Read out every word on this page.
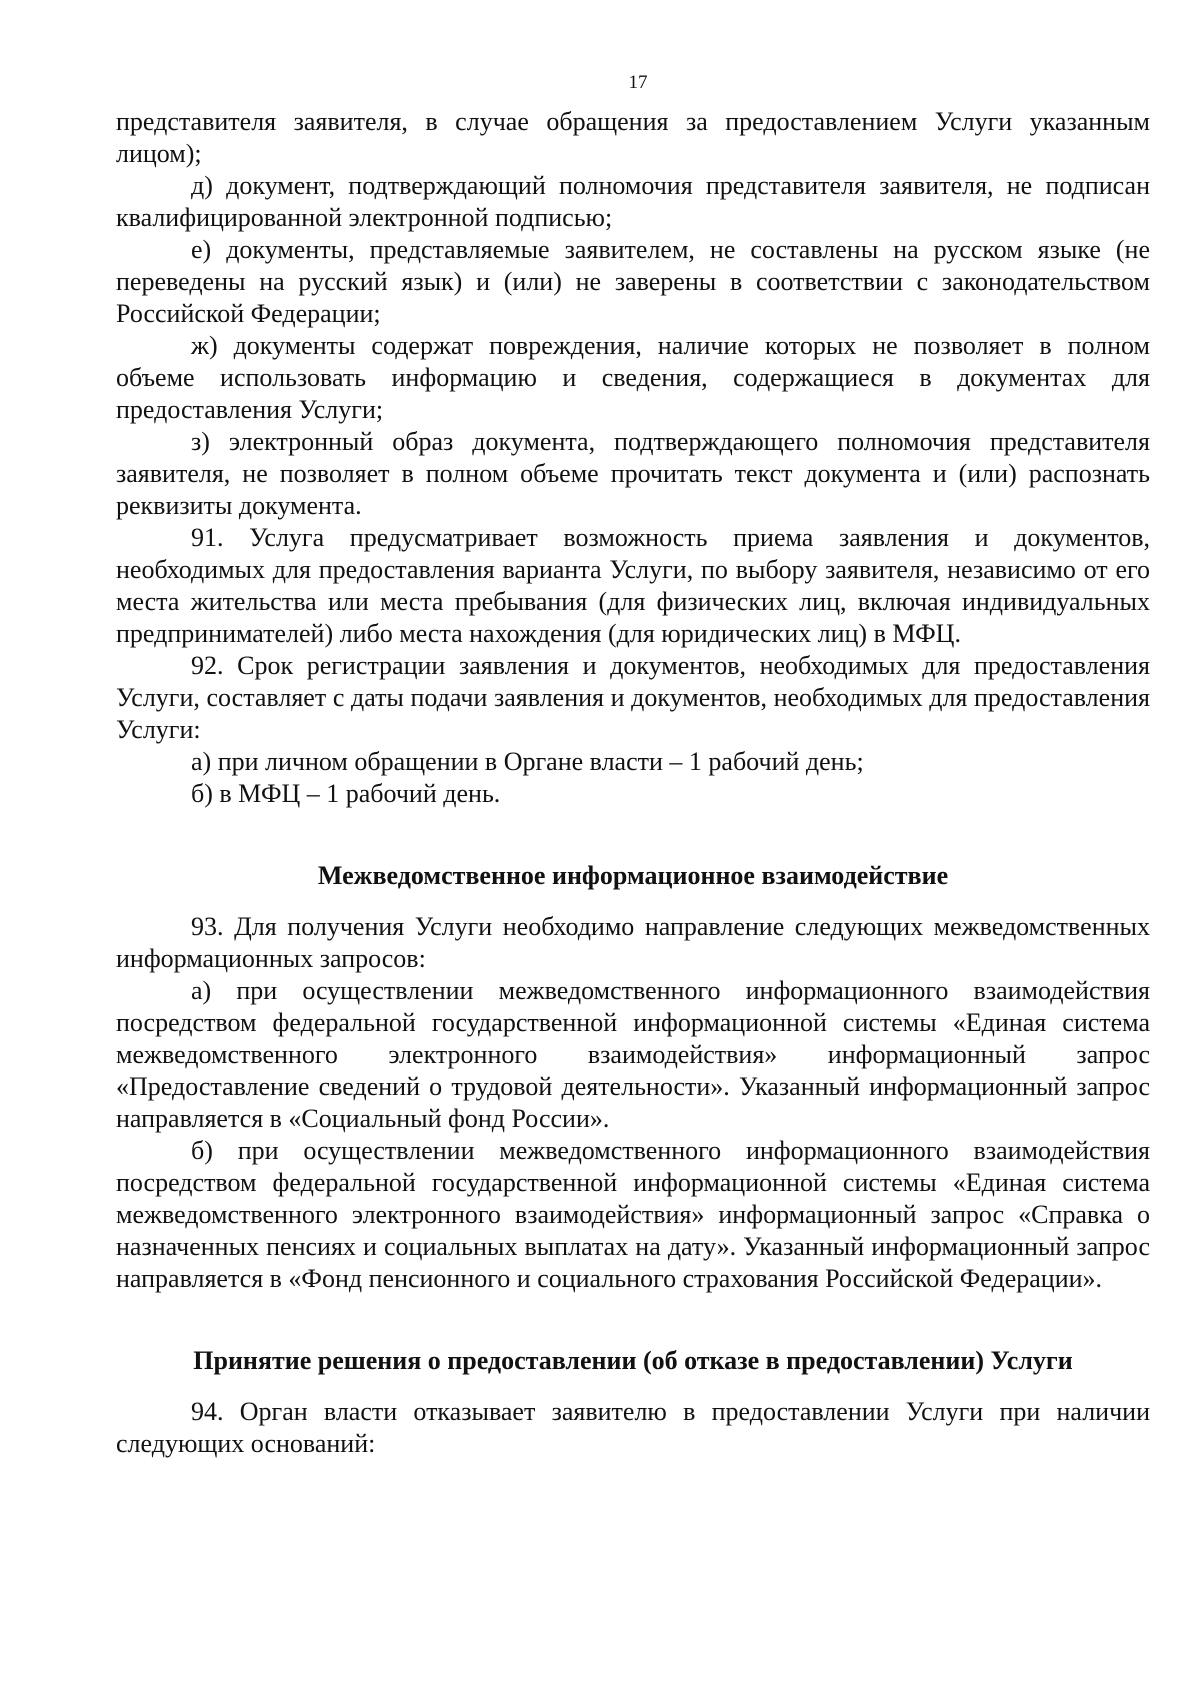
17

представителя заявителя, в случае обращения за предоставлением Услуги указанным лицом);

д) документ, подтверждающий полномочия представителя заявителя, не подписан квалифицированной электронной подписью;

е) документы, представляемые заявителем, не составлены на русском языке (не переведены на русский язык) и (или) не заверены в соответствии с законодательством Российской Федерации;

ж) документы содержат повреждения, наличие которых не позволяет в полном объеме использовать информацию и сведения, содержащиеся в документах для предоставления Услуги;

з) электронный образ документа, подтверждающего полномочия представителя заявителя, не позволяет в полном объеме прочитать текст документа и (или) распознать реквизиты документа.

91. Услуга предусматривает возможность приема заявления и документов, необходимых для предоставления варианта Услуги, по выбору заявителя, независимо от его места жительства или места пребывания (для физических лиц, включая индивидуальных предпринимателей) либо места нахождения (для юридических лиц) в МФЦ.

92. Срок регистрации заявления и документов, необходимых для предоставления Услуги, составляет с даты подачи заявления и документов, необходимых для предоставления Услуги:

а) при личном обращении в Органе власти – 1 рабочий день;

б) в МФЦ – 1 рабочий день.

Межведомственное информационное взаимодействие

93. Для получения Услуги необходимо направление следующих межведомственных информационных запросов:

а) при осуществлении межведомственного информационного взаимодействия посредством федеральной государственной информационной системы «Единая система межведомственного электронного взаимодействия» информационный запрос «Предоставление сведений о трудовой деятельности». Указанный информационный запрос направляется в «Социальный фонд России».

б) при осуществлении межведомственного информационного взаимодействия посредством федеральной государственной информационной системы «Единая система межведомственного электронного взаимодействия» информационный запрос «Справка о назначенных пенсиях и социальных выплатах на дату». Указанный информационный запрос направляется в «Фонд пенсионного и социального страхования Российской Федерации».

Принятие решения о предоставлении (об отказе в предоставлении) Услуги

94. Орган власти отказывает заявителю в предоставлении Услуги при наличии следующих оснований:
